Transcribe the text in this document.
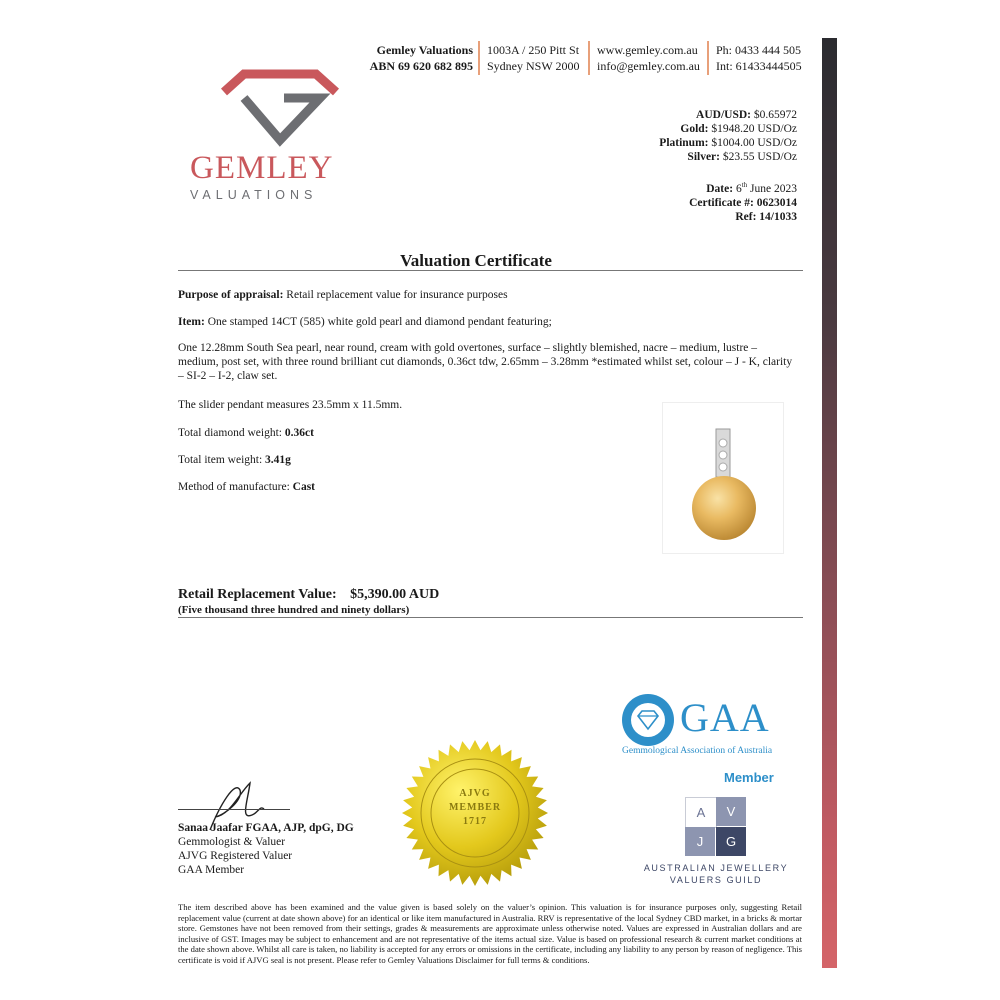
GEMLEY
VALUATIONS
Gemley Valuations
ABN 69 620 682 895
1003A / 250 Pitt St
Sydney NSW 2000
www.gemley.com.au
info@gemley.com.au
Ph: 0433 444 505
Int: 61433444505
AUD/USD: $0.65972
Gold: $1948.20 USD/Oz
Platinum: $1004.00 USD/Oz
Silver: $23.55 USD/Oz
Date: 6th June 2023
Certificate #: 0623014
Ref: 14/1033
Valuation Certificate
Purpose of appraisal: Retail replacement value for insurance purposes
Item: One stamped 14CT (585) white gold pearl and diamond pendant featuring;
One 12.28mm South Sea pearl, near round, cream with gold overtones, surface – slightly blemished, nacre – medium, lustre – medium, post set, with three round brilliant cut diamonds, 0.36ct tdw, 2.65mm – 3.28mm *estimated whilst set, colour – J - K, clarity – SI-2 – I-2, claw set.
The slider pendant measures 23.5mm x 11.5mm.
Total diamond weight: 0.36ct
Total item weight: 3.41g
Method of manufacture: Cast
Retail Replacement Value: $5,390.00 AUD
(Five thousand three hundred and ninety dollars)
AJVG
MEMBER
1717
Sanaa Jaafar FGAA, AJP, dpG, DG
Gemmologist & Valuer
AJVG Registered Valuer
GAA Member
GAA
Gemmological Association of Australia
Member
A	V
J	G
AUSTRALIAN JEWELLERY
VALUERS GUILD
The item described above has been examined and the value given is based solely on the valuer’s opinion. This valuation is for insurance purposes only, suggesting Retail replacement value (current at date shown above) for an identical or like item manufactured in Australia. RRV is representative of the local Sydney CBD market, in a bricks & mortar store. Gemstones have not been removed from their settings, grades & measurements are approximate unless otherwise noted. Values are expressed in Australian dollars and are inclusive of GST. Images may be subject to enhancement and are not representative of the items actual size. Value is based on professional research & current market conditions at the date shown above. Whilst all care is taken, no liability is accepted for any errors or omissions in the certificate, including any liability to any person by reason of negligence. This certificate is void if AJVG seal is not present. Please refer to Gemley Valuations Disclaimer for full terms & conditions.
